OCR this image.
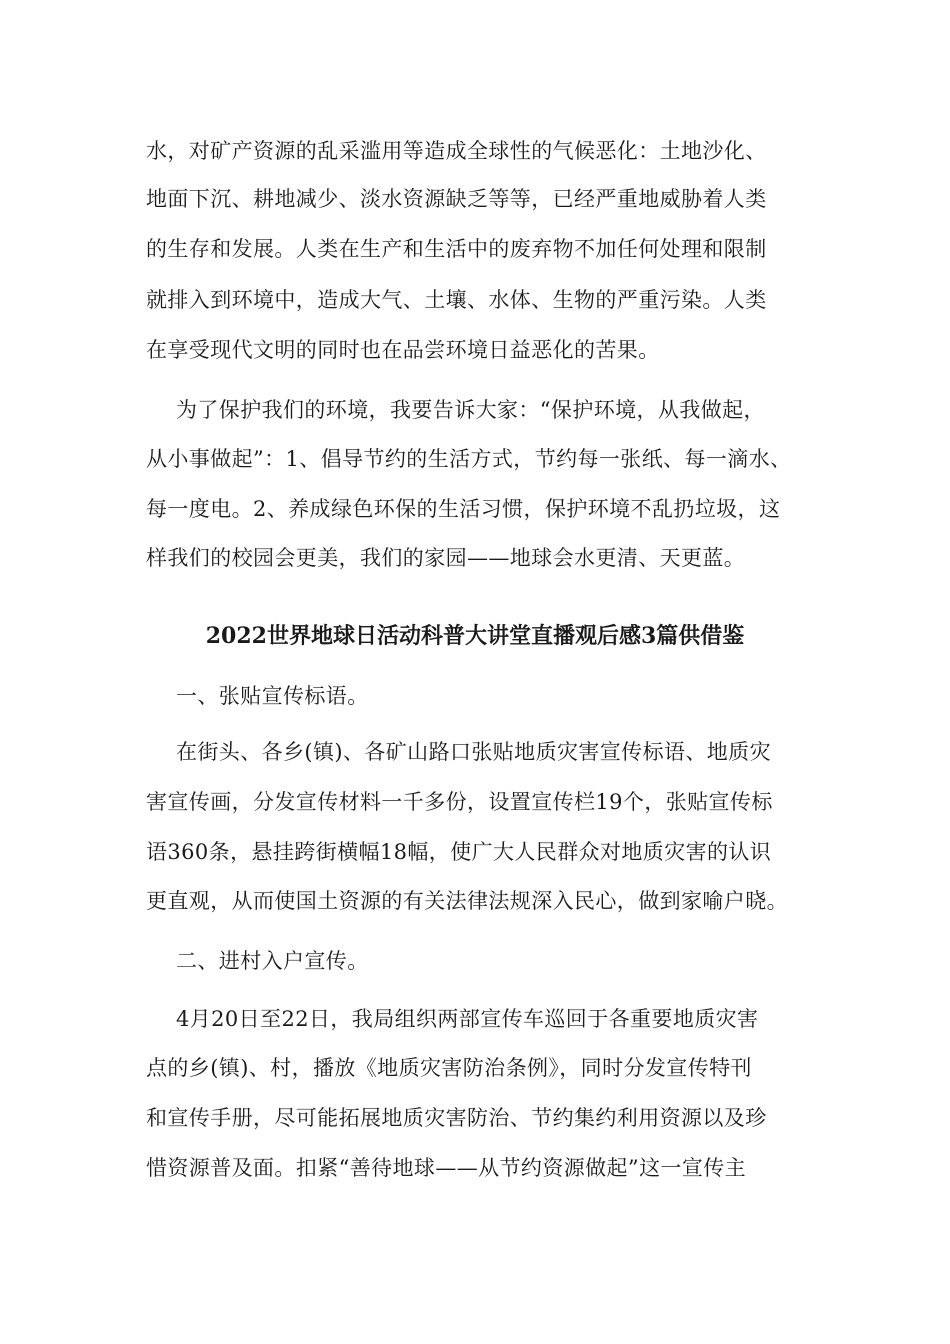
水，对矿产资源的乱采滥用等造成全球性的气候恶化：土地沙化、
地面下沉、耕地减少、淡水资源缺乏等等，已经严重地威胁着人类
的生存和发展。人类在生产和生活中的废弃物不加任何处理和限制
就排入到环境中，造成大气、土壤、水体、生物的严重污染。人类
在享受现代文明的同时也在品尝环境日益恶化的苦果。
为了保护我们的环境，我要告诉大家：“保护环境，从我做起，
从小事做起”：1、倡导节约的生活方式，节约每一张纸、每一滴水、
每一度电。2、养成绿色环保的生活习惯，保护环境不乱扔垃圾，这
样我们的校园会更美，我们的家园——地球会水更清、天更蓝。
2022世界地球日活动科普大讲堂直播观后感3篇供借鉴
一、张贴宣传标语。
在街头、各乡(镇)、各矿山路口张贴地质灾害宣传标语、地质灾
害宣传画，分发宣传材料一千多份，设置宣传栏19个，张贴宣传标
语360条，悬挂跨街横幅18幅，使广大人民群众对地质灾害的认识
更直观，从而使国土资源的有关法律法规深入民心，做到家喻户晓。
二、进村入户宣传。
4月20日至22日，我局组织两部宣传车巡回于各重要地质灾害
点的乡(镇)、村，播放《地质灾害防治条例》，同时分发宣传特刊
和宣传手册，尽可能拓展地质灾害防治、节约集约利用资源以及珍
惜资源普及面。扣紧“善待地球——从节约资源做起”这一宣传主
